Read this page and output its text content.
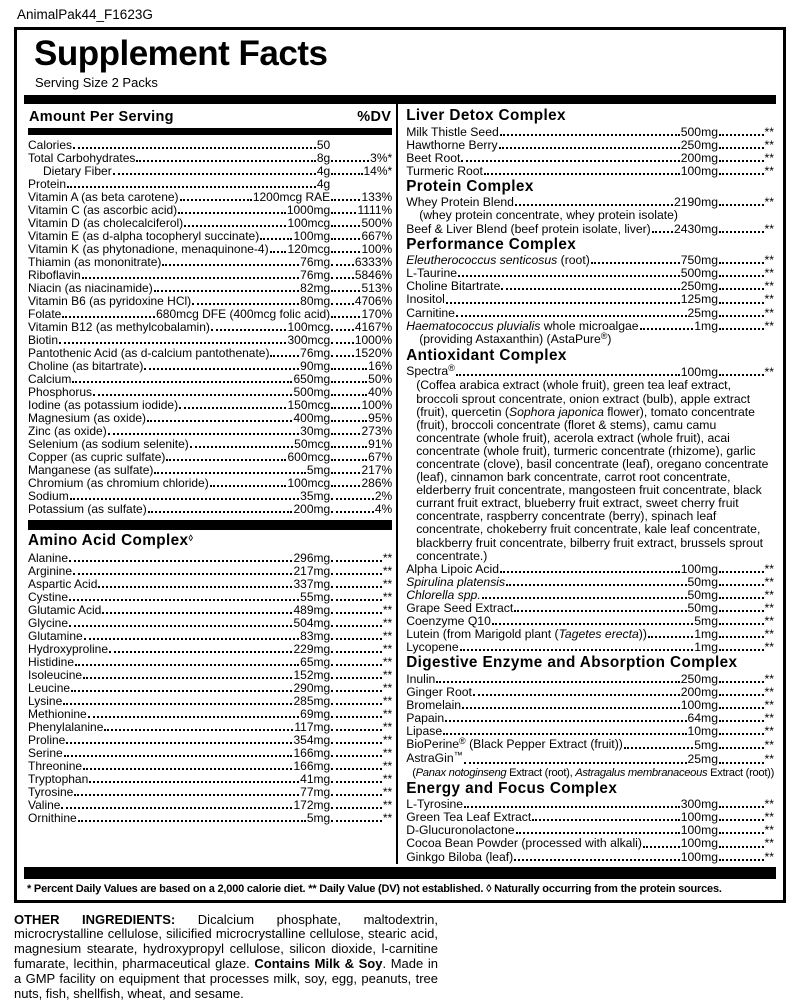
AnimalPak44_F1623G
Supplement Facts
Serving Size 2 Packs
Amount Per Serving	%DV
Calories	50
Total Carbohydrates	8g	3%*
Dietary Fiber	4g	14%*
Protein	4g
Vitamin A (as beta carotene)	1200mcg RAE	133%
Vitamin C (as ascorbic acid)	1000mg 1111%
Vitamin D (as cholecalciferol)	100mcg	500%
Vitamin E (as d-alpha tocopheryl succinate)	100mg	667%
Vitamin K (as phytonadione, menaquinone-4) 120mcg	100%
Thiamin (as mononitrate)	76mg 6333%
Riboflavin	76mg 5846%
Niacin (as niacinamide)	82mg	513%
Vitamin B6 (as pyridoxine HCl)	80mg 4706%
Folate	680mcg DFE (400mcg folic acid)	170%
Vitamin B12 (as methylcobalamin)	100mcg 4167%
Biotin	300mcg 1000%
Pantothenic Acid (as d-calcium pantothenate)	76mg 1520%
Choline (as bitartrate)	90mg	16%
Calcium	650mg	50%
Phosphorus	500mg	40%
Iodine (as potassium iodide)	150mcg	100%
Magnesium (as oxide)	400mg	95%
Zinc (as oxide)	30mg	273%
Selenium (as sodium selenite)	50mcg	91%
Copper (as cupric sulfate)	600mcg	67%
Manganese (as sulfate)	5mg	217%
Chromium (as chromium chloride)	100mcg	286%
Sodium	35mg	2%
Potassium (as sulfate)	200mg	4%
Amino Acid Complex◊
Alanine	296mg	**
Arginine	217mg	**
Aspartic Acid	337mg	**
Cystine	55mg	**
Glutamic Acid	489mg	**
Glycine	504mg	**
Glutamine	83mg	**
Hydroxyproline	229mg	**
Histidine	65mg	**
Isoleucine	152mg	**
Leucine	290mg	**
Lysine	285mg	**
Methionine	69mg	**
Phenylalanine	117mg	**
Proline	354mg	**
Serine	166mg	**
Threonine	166mg	**
Tryptophan	41mg	**
Tyrosine	77mg	**
Valine	172mg	**
Ornithine	5mg	**
Liver Detox Complex
Milk Thistle Seed	500mg	**
Hawthorne Berry	250mg	**
Beet Root	200mg	**
Turmeric Root	100mg	**
Protein Complex
Whey Protein Blend	2190mg	**
(whey protein concentrate, whey protein isolate)
Beef & Liver Blend (beef protein isolate, liver) 2430mg	**
Performance Complex
Eleutherococcus senticosus (root)	750mg	**
L-Taurine	500mg	**
Choline Bitartrate	250mg	**
Inositol	125mg	**
Carnitine	25mg	**
Haematococcus pluvialis whole microalgae	1mg	**
(providing Astaxanthin) (AstaPure®)
Antioxidant Complex
Spectra®	100mg	**
(Coffea arabica extract (whole fruit), green tea leaf extract, broccoli sprout concentrate, onion extract (bulb), apple extract (fruit), quercetin (Sophora japonica flower), tomato concentrate (fruit), broccoli concentrate (floret & stems), camu camu concentrate (whole fruit), acerola extract (whole fruit), acai concentrate (whole fruit), turmeric concentrate (rhizome), garlic concentrate (clove), basil concentrate (leaf), oregano concentrate (leaf), cinnamon bark concentrate, carrot root concentrate, elderberry fruit concentrate, mangosteen fruit concentrate, black currant fruit extract, blueberry fruit extract, sweet cherry fruit concentrate, raspberry concentrate (berry), spinach leaf concentrate, chokeberry fruit concentrate, kale leaf concentrate, blackberry fruit concentrate, bilberry fruit extract, brussels sprout concentrate.)
Alpha Lipoic Acid	100mg	**
Spirulina platensis	50mg	**
Chlorella spp.	50mg	**
Grape Seed Extract	50mg	**
Coenzyme Q10	5mg	**
Lutein (from Marigold plant (Tagetes erecta))	1mg	**
Lycopene	1mg	**
Digestive Enzyme and Absorption Complex
Inulin	250mg	**
Ginger Root	200mg	**
Bromelain	100mg	**
Papain	64mg	**
Lipase	10mg	**
BioPerine® (Black Pepper Extract (fruit))	5mg	**
AstraGin™	25mg	**
(Panax notoginseng Extract (root), Astragalus membranaceous Extract (root))
Energy and Focus Complex
L-Tyrosine	300mg	**
Green Tea Leaf Extract	100mg	**
D-Glucuronolactone	100mg	**
Cocoa Bean Powder (processed with alkali)	100mg	**
Ginkgo Biloba (leaf)	100mg	**
* Percent Daily Values are based on a 2,000 calorie diet. ** Daily Value (DV) not established. ◊ Naturally occurring from the protein sources.
OTHER INGREDIENTS: Dicalcium phosphate, maltodextrin, microcrystalline cellulose, silicified microcrystalline cellulose, stearic acid, magnesium stearate, hydroxypropyl cellulose, silicon dioxide, l-carnitine fumarate, lecithin, pharmaceutical glaze. Contains Milk & Soy. Made in a GMP facility on equipment that processes milk, soy, egg, peanuts, tree nuts, fish, shellfish, wheat, and sesame.
